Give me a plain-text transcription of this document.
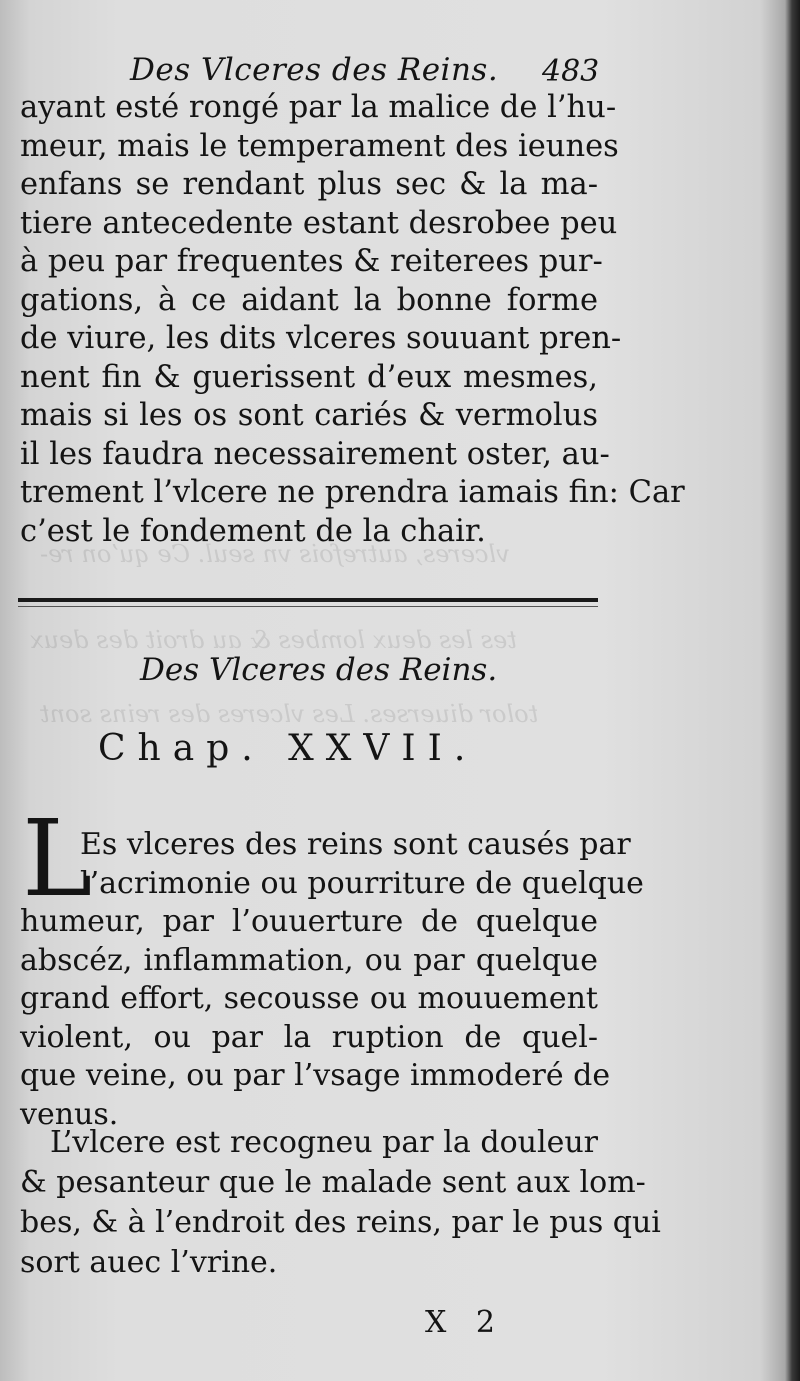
vlceres, autrefois vn seul. Ce qu’on re-
tes les deux lombes & au droit des deux
tolor diuerses. Les vlceres des reins sont
Des Vlceres des Reins.	483
ayant esté rongé par la malice de l’hu-
meur, mais le temperament des ieunes
enfans se rendant plus sec & la ma-
tiere antecedente estant desrobee peu
à peu par frequentes & reiterees pur-
gations, à ce aidant la bonne forme
de viure, les dits vlceres souuant pren-
nent fin & guerissent d’eux mesmes,
mais si les os sont cariés & vermolus
il les faudra necessairement oster, au-
trement l’vlcere ne prendra iamais fin: Car
c’est le fondement de la chair.
Des Vlceres des Reins.
Chap. XXVII.
L
Es vlceres des reins sont causés par
l’acrimonie ou pourriture de quelque
humeur, par l’ouuerture de quelque
abscéz, inflammation, ou par quelque
grand effort, secousse ou mouuement
violent, ou par la ruption de quel-
que veine, ou par l’vsage immoderé de
venus.
L’vlcere est recogneu par la douleur
& pesanteur que le malade sent aux lom-
bes, & à l’endroit des reins, par le pus qui
sort auec l’vrine.
X 2
